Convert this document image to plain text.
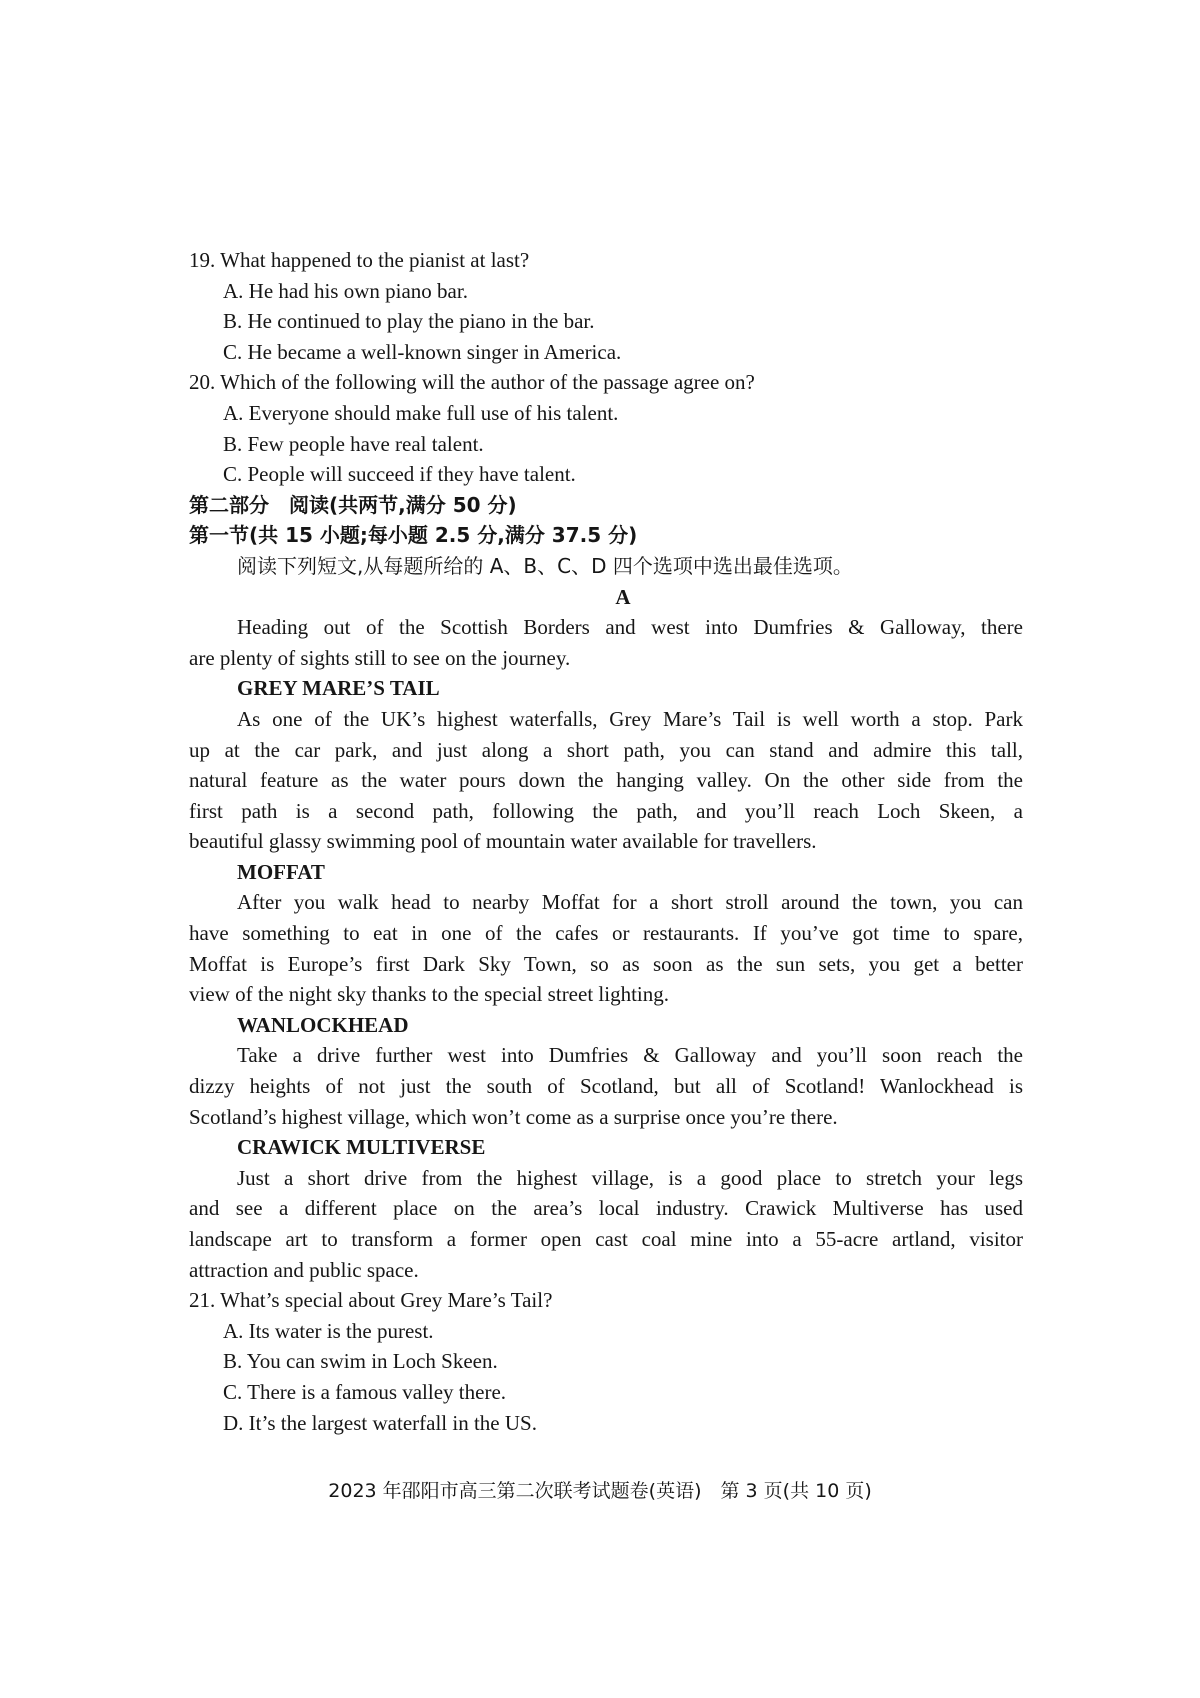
19. What happened to the pianist at last?
A. He had his own piano bar.
B. He continued to play the piano in the bar.
C. He became a well-known singer in America.
20. Which of the following will the author of the passage agree on?
A. Everyone should make full use of his talent.
B. Few people have real talent.
C. People will succeed if they have talent.
第二部分　阅读(共两节,满分 50 分)
第一节(共 15 小题;每小题 2.5 分,满分 37.5 分)
阅读下列短文,从每题所给的 A、B、C、D 四个选项中选出最佳选项。
A
Heading out of the Scottish Borders and west into Dumfries & Galloway, there
are plenty of sights still to see on the journey.
GREY MARE’S TAIL
As one of the UK’s highest waterfalls, Grey Mare’s Tail is well worth a stop. Park
up at the car park, and just along a short path, you can stand and admire this tall,
natural feature as the water pours down the hanging valley. On the other side from the
first path is a second path, following the path, and you’ll reach Loch Skeen, a
beautiful glassy swimming pool of mountain water available for travellers.
MOFFAT
After you walk head to nearby Moffat for a short stroll around the town, you can
have something to eat in one of the cafes or restaurants. If you’ve got time to spare,
Moffat is Europe’s first Dark Sky Town, so as soon as the sun sets, you get a better
view of the night sky thanks to the special street lighting.
WANLOCKHEAD
Take a drive further west into Dumfries & Galloway and you’ll soon reach the
dizzy heights of not just the south of Scotland, but all of Scotland! Wanlockhead is
Scotland’s highest village, which won’t come as a surprise once you’re there.
CRAWICK MULTIVERSE
Just a short drive from the highest village, is a good place to stretch your legs
and see a different place on the area’s local industry. Crawick Multiverse has used
landscape art to transform a former open cast coal mine into a 55-acre artland, visitor
attraction and public space.
21. What’s special about Grey Mare’s Tail?
A. Its water is the purest.
B. You can swim in Loch Skeen.
C. There is a famous valley there.
D. It’s the largest waterfall in the US.
2023 年邵阳市高三第二次联考试题卷(英语)　第 3 页(共 10 页)
